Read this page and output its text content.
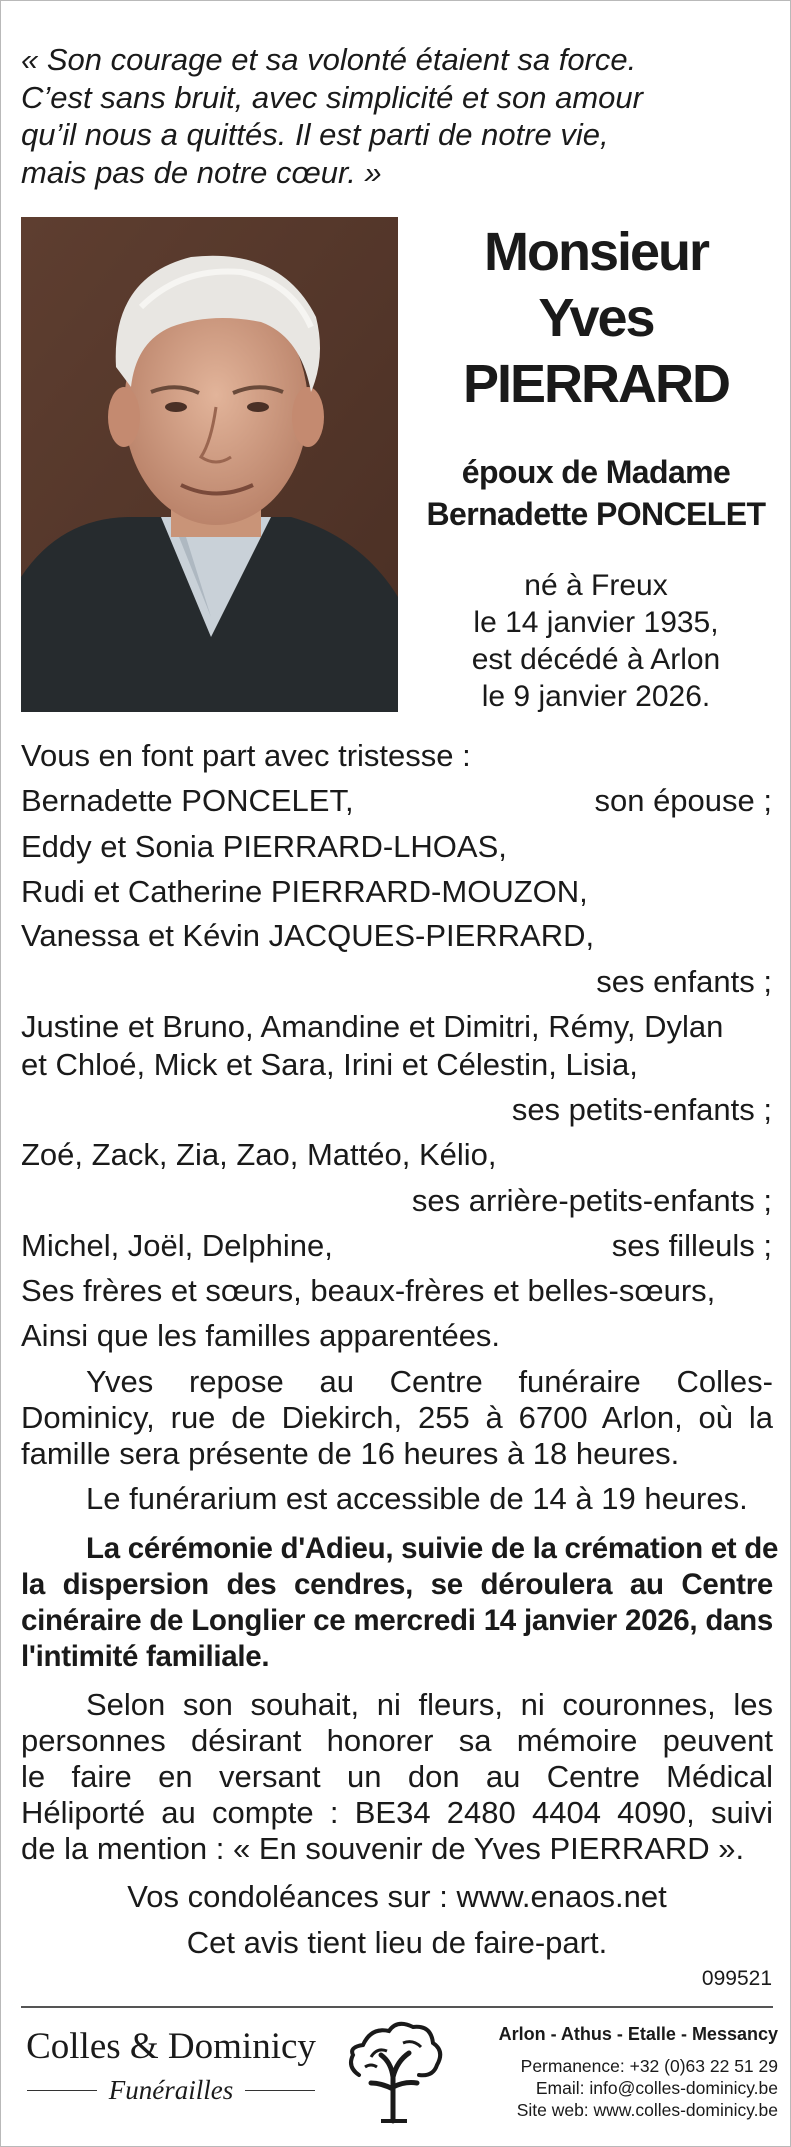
« Son courage et sa volonté étaient sa force.
C’est sans bruit, avec simplicité et son amour
qu’il nous a quittés. Il est parti de notre vie,
mais pas de notre cœur. »
Monsieur
Yves
PIERRARD
époux de Madame
Bernadette PONCELET
né à Freux
le 14 janvier 1935,
est décédé à Arlon
le 9 janvier 2026.
Vous en font part avec tristesse :
Bernadette PONCELET,	son épouse ;
Eddy et Sonia PIERRARD-LHOAS,
Rudi et Catherine PIERRARD-MOUZON,
Vanessa et Kévin JACQUES-PIERRARD,
ses enfants ;
Justine et Bruno, Amandine et Dimitri, Rémy, Dylan
et Chloé, Mick et Sara, Irini et Célestin, Lisia,
ses petits-enfants ;
Zoé, Zack, Zia, Zao, Mattéo, Kélio,
ses arrière-petits-enfants ;
Michel, Joël, Delphine,	ses filleuls ;
Ses frères et sœurs, beaux-frères et belles-sœurs,
Ainsi que les familles apparentées.
Yves repose au Centre funéraire Colles-
Dominicy, rue de Diekirch, 255 à 6700 Arlon, où la
famille sera présente de 16 heures à 18 heures.
Le funérarium est accessible de 14 à 19 heures.
La cérémonie d'Adieu, suivie de la crémation et de
la dispersion des cendres, se déroulera au Centre
cinéraire de Longlier ce mercredi 14 janvier 2026, dans
l'intimité familiale.
Selon son souhait, ni fleurs, ni couronnes, les
personnes désirant honorer sa mémoire peuvent
le faire en versant un don au Centre Médical
Héliporté au compte : BE34 2480 4404 4090, suivi
de la mention : « En souvenir de Yves PIERRARD ».
Vos condoléances sur : www.enaos.net
Cet avis tient lieu de faire-part.
099521
Colles & Dominicy
Funérailles
Arlon - Athus - Etalle - Messancy
Permanence: +32 (0)63 22 51 29
Email: info@colles-dominicy.be
Site web: www.colles-dominicy.be
